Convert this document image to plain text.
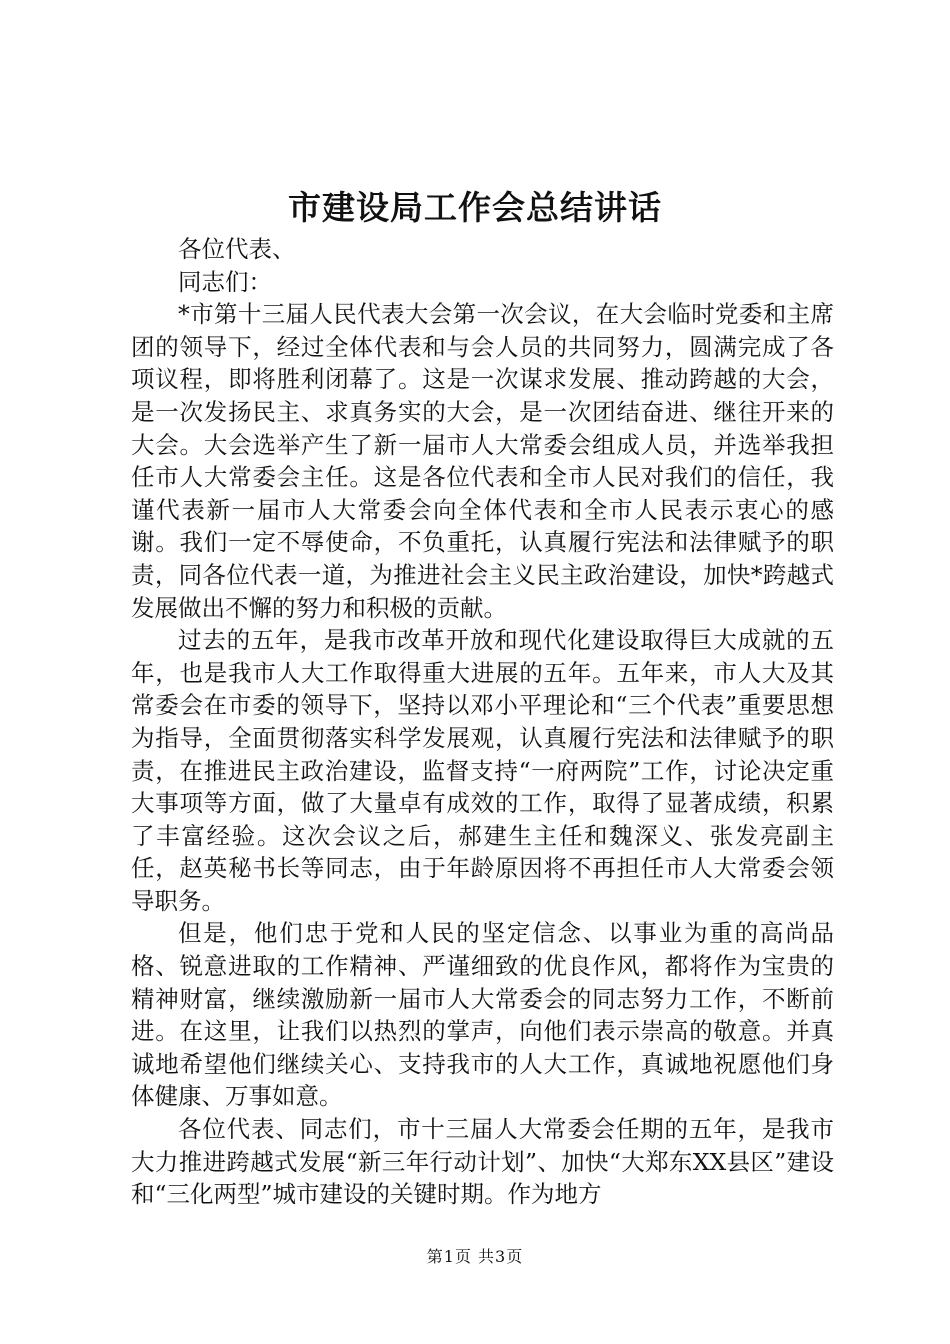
市建设局工作会总结讲话

各位代表、

同志们：

*市第十三届人民代表大会第一次会议，在大会临时党委和主席团的领导下，经过全体代表和与会人员的共同努力，圆满完成了各项议程，即将胜利闭幕了。这是一次谋求发展、推动跨越的大会，是一次发扬民主、求真务实的大会，是一次团结奋进、继往开来的大会。大会选举产生了新一届市人大常委会组成人员，并选举我担任市人大常委会主任。这是各位代表和全市人民对我们的信任，我谨代表新一届市人大常委会向全体代表和全市人民表示衷心的感谢。我们一定不辱使命，不负重托，认真履行宪法和法律赋予的职责，同各位代表一道，为推进社会主义民主政治建设，加快*跨越式发展做出不懈的努力和积极的贡献。

过去的五年，是我市改革开放和现代化建设取得巨大成就的五年，也是我市人大工作取得重大进展的五年。五年来，市人大及其常委会在市委的领导下，坚持以邓小平理论和“三个代表”重要思想为指导，全面贯彻落实科学发展观，认真履行宪法和法律赋予的职责，在推进民主政治建设，监督支持“一府两院”工作，讨论决定重大事项等方面，做了大量卓有成效的工作，取得了显著成绩，积累了丰富经验。这次会议之后，郝建生主任和魏深义、张发亮副主任，赵英秘书长等同志，由于年龄原因将不再担任市人大常委会领导职务。

但是，他们忠于党和人民的坚定信念、以事业为重的高尚品格、锐意进取的工作精神、严谨细致的优良作风，都将作为宝贵的精神财富，继续激励新一届市人大常委会的同志努力工作，不断前进。在这里，让我们以热烈的掌声，向他们表示崇高的敬意。并真诚地希望他们继续关心、支持我市的人大工作，真诚地祝愿他们身体健康、万事如意。

各位代表、同志们，市十三届人大常委会任期的五年，是我市大力推进跨越式发展“新三年行动计划”、加快“大郑东XX县区”建设和“三化两型”城市建设的关键时期。作为地方

第1页 共3页
